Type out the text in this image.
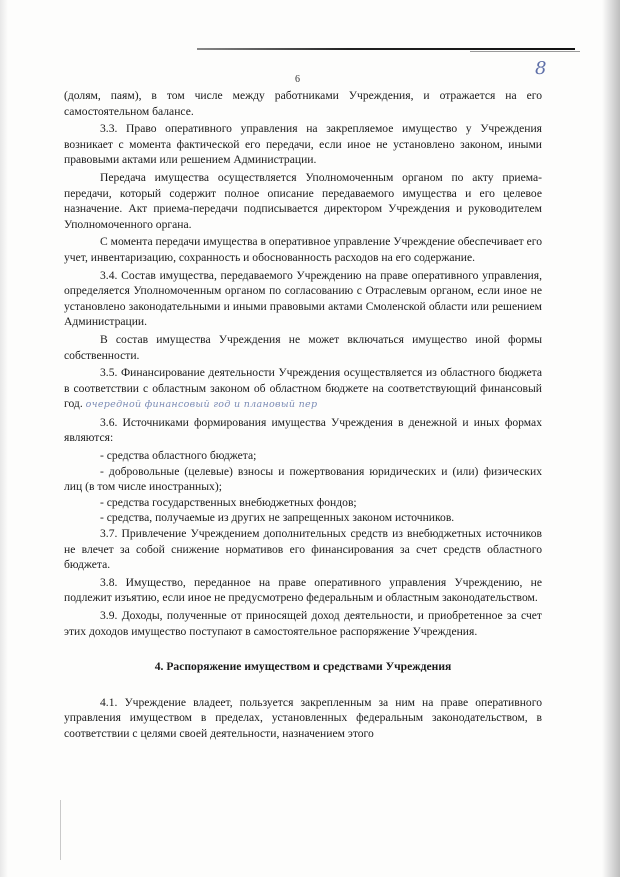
6
8

(долям, паям), в том числе между работниками Учреждения, и отражается на его самостоятельном балансе.

3.3. Право оперативного управления на закрепляемое имущество у Учреждения возникает с момента фактической его передачи, если иное не установлено законом, иными правовыми актами или решением Администрации.

Передача имущества осуществляется Уполномоченным органом по акту приема-передачи, который содержит полное описание передаваемого имущества и его целевое назначение. Акт приема-передачи подписывается директором Учреждения и руководителем Уполномоченного органа.

С момента передачи имущества в оперативное управление Учреждение обеспечивает его учет, инвентаризацию, сохранность и обоснованность расходов на его содержание.

3.4. Состав имущества, передаваемого Учреждению на праве оперативного управления, определяется Уполномоченным органом по согласованию с Отраслевым органом, если иное не установлено законодательными и иными правовыми актами Смоленской области или решением Администрации.

В состав имущества Учреждения не может включаться имущество иной формы собственности.

3.5. Финансирование деятельности Учреждения осуществляется из областного бюджета в соответствии с областным законом об областном бюджете на соответствующий финансовый год. очередной финансовый год и плановый пер

3.6. Источниками формирования имущества Учреждения в денежной и иных формах являются:

- средства областного бюджета;

- добровольные (целевые) взносы и пожертвования юридических и (или) физических лиц (в том числе иностранных);

- средства государственных внебюджетных фондов;

- средства, получаемые из других не запрещенных законом источников.

3.7. Привлечение Учреждением дополнительных средств из внебюджетных источников не влечет за собой снижение нормативов его финансирования за счет средств областного бюджета.

3.8. Имущество, переданное на праве оперативного управления Учреждению, не подлежит изъятию, если иное не предусмотрено федеральным и областным законодательством.

3.9. Доходы, полученные от приносящей доход деятельности, и приобретенное за счет этих доходов имущество поступают в самостоятельное распоряжение Учреждения.

4. Распоряжение имуществом и средствами Учреждения

4.1. Учреждение владеет, пользуется закрепленным за ним на праве оперативного управления имуществом в пределах, установленных федеральным законодательством, в соответствии с целями своей деятельности, назначением этого
